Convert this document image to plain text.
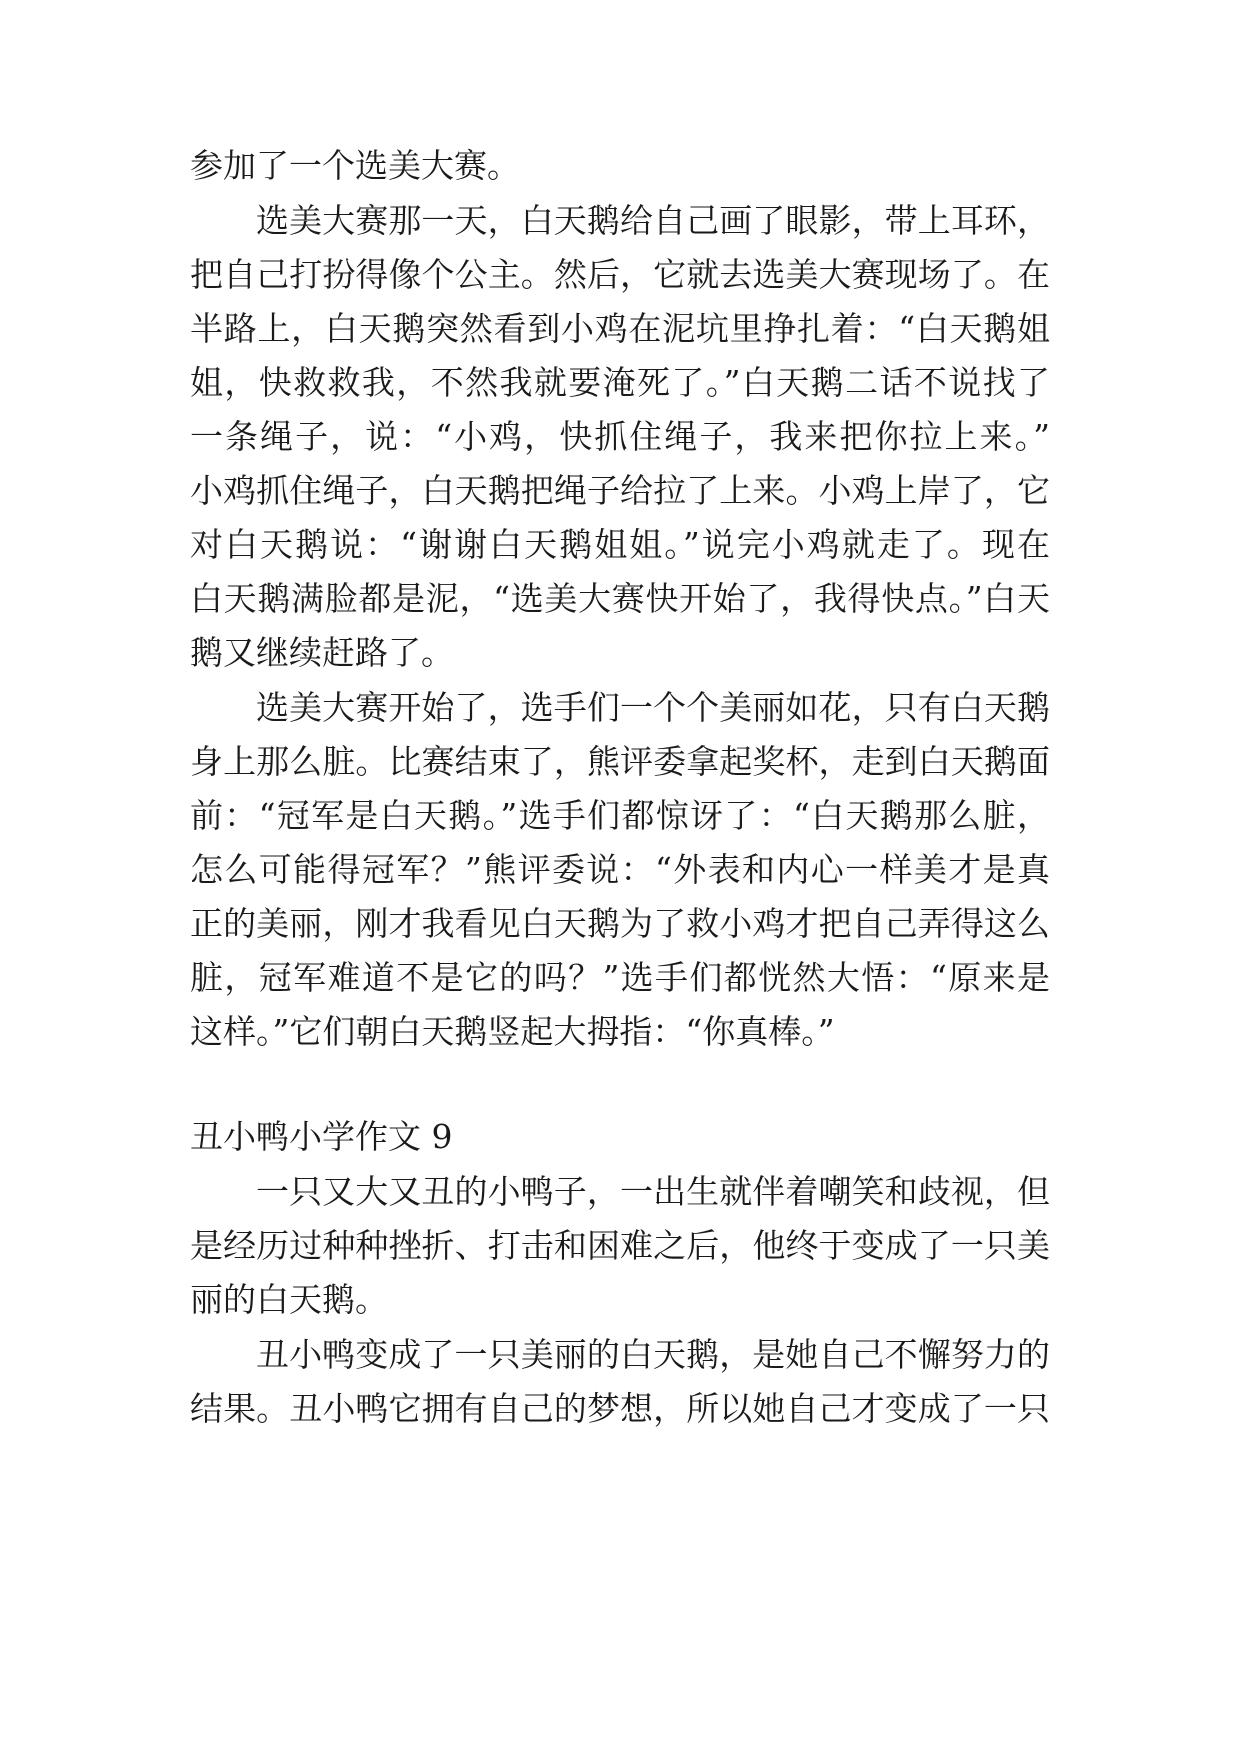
参加了一个选美大赛。
选美大赛那一天，白天鹅给自己画了眼影，带上耳环，
把自己打扮得像个公主。然后，它就去选美大赛现场了。在
半路上，白天鹅突然看到小鸡在泥坑里挣扎着：“白天鹅姐
姐，快救救我，不然我就要淹死了。”白天鹅二话不说找了
一条绳子，说：“小鸡，快抓住绳子，我来把你拉上来。”
小鸡抓住绳子，白天鹅把绳子给拉了上来。小鸡上岸了，它
对白天鹅说：“谢谢白天鹅姐姐。”说完小鸡就走了。现在
白天鹅满脸都是泥，“选美大赛快开始了，我得快点。”白天
鹅又继续赶路了。
选美大赛开始了，选手们一个个美丽如花，只有白天鹅
身上那么脏。比赛结束了，熊评委拿起奖杯，走到白天鹅面
前：“冠军是白天鹅。”选手们都惊讶了：“白天鹅那么脏，
怎么可能得冠军？”熊评委说：“外表和内心一样美才是真
正的美丽，刚才我看见白天鹅为了救小鸡才把自己弄得这么
脏，冠军难道不是它的吗？”选手们都恍然大悟：“原来是
这样。”它们朝白天鹅竖起大拇指：“你真棒。”
丑小鸭小学作文 9
一只又大又丑的小鸭子，一出生就伴着嘲笑和歧视，但
是经历过种种挫折、打击和困难之后，他终于变成了一只美
丽的白天鹅。
丑小鸭变成了一只美丽的白天鹅，是她自己不懈努力的
结果。丑小鸭它拥有自己的梦想，所以她自己才变成了一只
